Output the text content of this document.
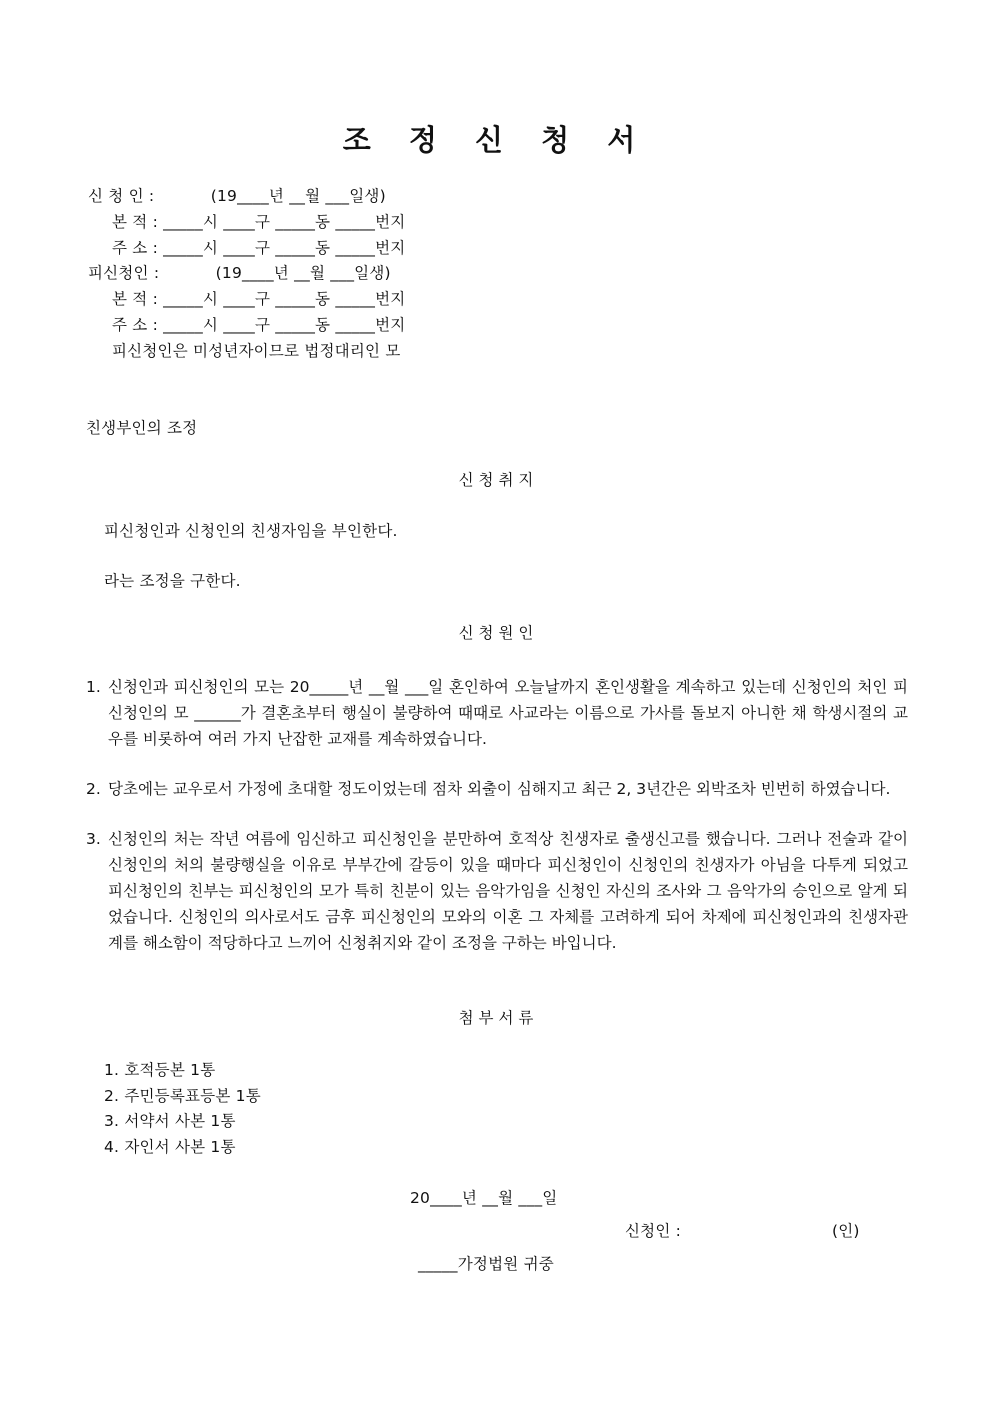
조 정 신 청 서
신 청 인 :           (19____년 __월 ___일생)
본 적 : _____시 ____구 _____동 _____번지
주 소 : _____시 ____구 _____동 _____번지
피신청인 :           (19____년 __월 ___일생)
본 적 : _____시 ____구 _____동 _____번지
주 소 : _____시 ____구 _____동 _____번지
피신청인은 미성년자이므로 법정대리인 모
친생부인의 조정
신 청 취 지
피신청인과 신청인의 친생자임을 부인한다.
라는 조정을 구한다.
신 청 원 인
1. 신청인과 피신청인의 모는 20_____년 __월 ___일 혼인하여 오늘날까지 혼인생활을 계속하고 있는데 신청인의 처인 피신청인의 모 ______가 결혼초부터 행실이 불량하여 때때로 사교라는 이름으로 가사를 돌보지 아니한 채 학생시절의 교우를 비롯하여 여러 가지 난잡한 교재를 계속하였습니다.
2. 당초에는 교우로서 가정에 초대할 정도이었는데 점차 외출이 심해지고 최근 2, 3년간은 외박조차 빈번히 하였습니다.
3. 신청인의 처는 작년 여름에 임신하고 피신청인을 분만하여 호적상 친생자로 출생신고를 했습니다. 그러나 전술과 같이 신청인의 처의 불량행실을 이유로 부부간에 갈등이 있을 때마다 피신청인이 신청인의 친생자가 아님을 다투게 되었고 피신청인의 친부는 피신청인의 모가 특히 친분이 있는 음악가임을 신청인 자신의 조사와 그 음악가의 승인으로 알게 되었습니다. 신청인의 의사로서도 금후 피신청인의 모와의 이혼 그 자체를 고려하게 되어 차제에 피신청인과의 친생자관계를 해소함이 적당하다고 느끼어 신청취지와 같이 조정을 구하는 바입니다.
첨 부 서 류
1. 호적등본 1통
2. 주민등록표등본 1통
3. 서약서 사본 1통
4. 자인서 사본 1통
20____년 __월 ___일
신청인 :	(인)
_____가정법원 귀중
